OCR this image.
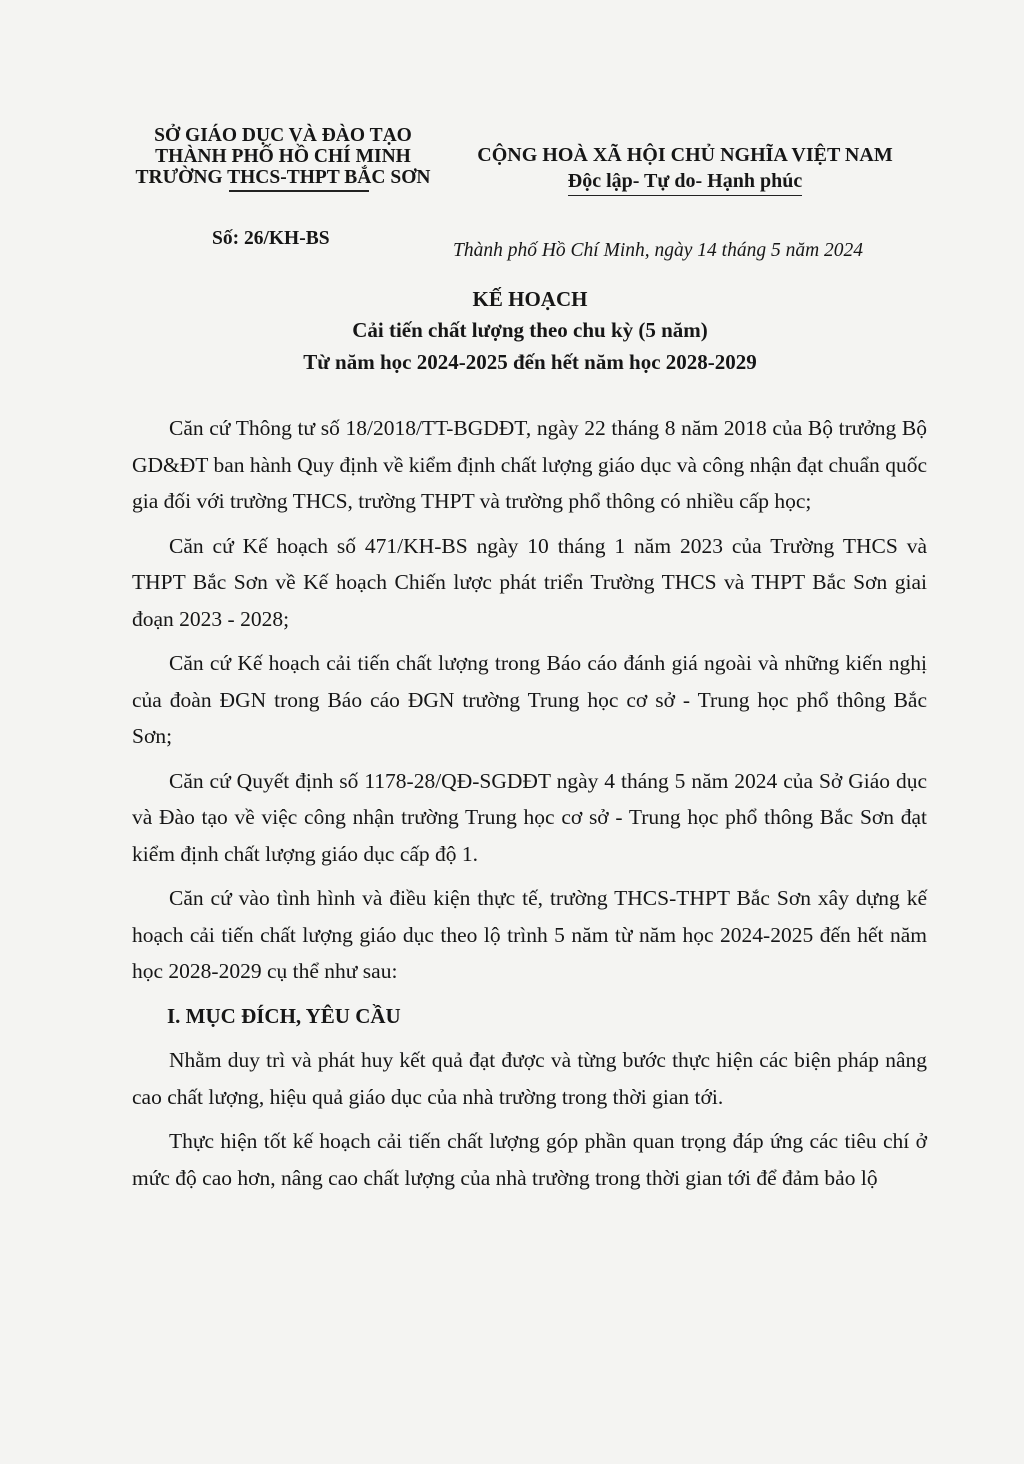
SỞ GIÁO DỤC VÀ ĐÀO TẠO
THÀNH PHỐ HỒ CHÍ MINH
TRƯỜNG THCS-THPT BẮC SƠN
Số: 26/KH-BS
CỘNG HOÀ XÃ HỘI CHỦ NGHĨA VIỆT NAM
Độc lập- Tự do- Hạnh phúc
Thành phố Hồ Chí Minh, ngày 14 tháng 5 năm 2024
KẾ HOẠCH
Cải tiến chất lượng theo chu kỳ (5 năm)
Từ năm học 2024-2025 đến hết năm học 2028-2029

Căn cứ Thông tư số 18/2018/TT-BGDĐT, ngày 22 tháng 8 năm 2018 của Bộ trưởng Bộ GD&ĐT ban hành Quy định về kiểm định chất lượng giáo dục và công nhận đạt chuẩn quốc gia đối với trường THCS, trường THPT và trường phổ thông có nhiều cấp học;

Căn cứ Kế hoạch số 471/KH-BS ngày 10 tháng 1 năm 2023 của Trường THCS và THPT Bắc Sơn về Kế hoạch Chiến lược phát triển Trường THCS và THPT Bắc Sơn giai đoạn 2023 - 2028;

Căn cứ Kế hoạch cải tiến chất lượng trong Báo cáo đánh giá ngoài và những kiến nghị của đoàn ĐGN trong Báo cáo ĐGN trường Trung học cơ sở - Trung học phổ thông Bắc Sơn;

Căn cứ Quyết định số 1178-28/QĐ-SGDĐT ngày 4 tháng 5 năm 2024 của Sở Giáo dục và Đào tạo về việc công nhận trường Trung học cơ sở - Trung học phổ thông Bắc Sơn đạt kiểm định chất lượng giáo dục cấp độ 1.

Căn cứ vào tình hình và điều kiện thực tế, trường THCS-THPT Bắc Sơn xây dựng kế hoạch cải tiến chất lượng giáo dục theo lộ trình 5 năm từ năm học 2024-2025 đến hết năm học 2028-2029 cụ thể như sau:

I. MỤC ĐÍCH, YÊU CẦU

Nhằm duy trì và phát huy kết quả đạt được và từng bước thực hiện các biện pháp nâng cao chất lượng, hiệu quả giáo dục của nhà trường trong thời gian tới.

Thực hiện tốt kế hoạch cải tiến chất lượng góp phần quan trọng đáp ứng các tiêu chí ở mức độ cao hơn, nâng cao chất lượng của nhà trường trong thời gian tới để đảm bảo lộ
